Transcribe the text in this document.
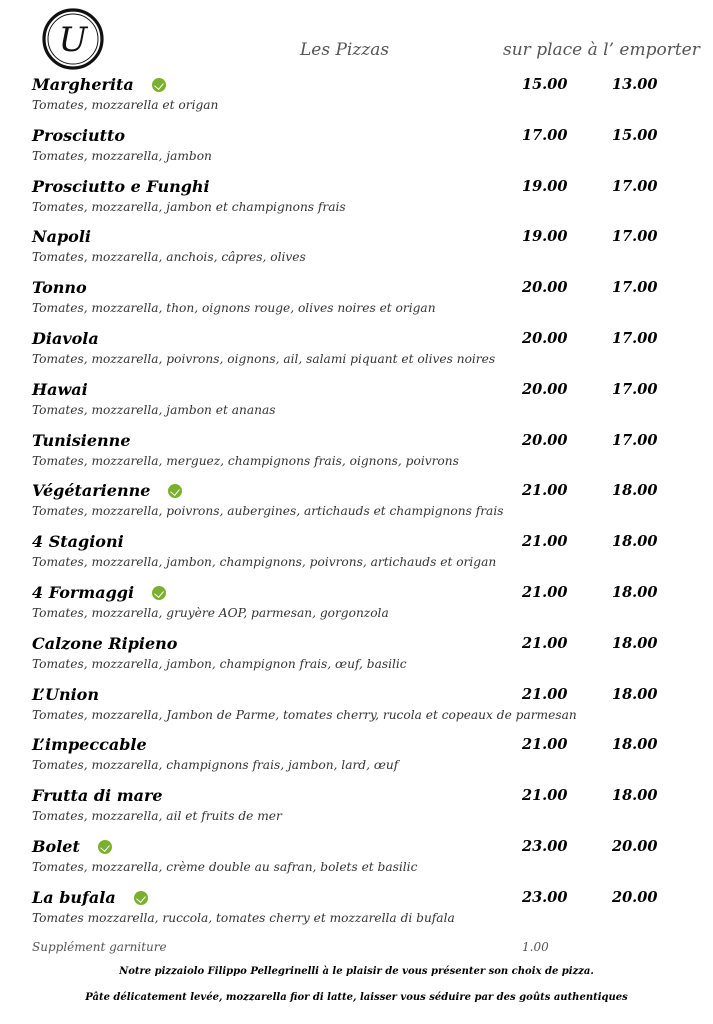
U	Les Pizzas	sur place à l’ emporter
Margherita
Tomates, mozzarella et origan
15.00	13.00
Prosciutto
Tomates, mozzarella, jambon
17.00	15.00
Prosciutto e Funghi
Tomates, mozzarella, jambon et champignons frais
19.00	17.00
Napoli
Tomates, mozzarella, anchois, câpres, olives
19.00	17.00
Tonno
Tomates, mozzarella, thon, oignons rouge, olives noires et origan
20.00	17.00
Diavola
Tomates, mozzarella, poivrons, oignons, ail, salami piquant et olives noires
20.00	17.00
Hawai
Tomates, mozzarella, jambon et ananas
20.00	17.00
Tunisienne
Tomates, mozzarella, merguez, champignons frais, oignons, poivrons
20.00	17.00
Végétarienne
Tomates, mozzarella, poivrons, aubergines, artichauds et champignons frais
21.00	18.00
4 Stagioni
Tomates, mozzarella, jambon, champignons, poivrons, artichauds et origan
21.00	18.00
4 Formaggi
Tomates, mozzarella, gruyère AOP, parmesan, gorgonzola
21.00	18.00
Calzone Ripieno
Tomates, mozzarella, jambon, champignon frais, œuf, basilic
21.00	18.00
L’Union
Tomates, mozzarella, Jambon de Parme, tomates cherry, rucola et copeaux de parmesan
21.00	18.00
L’impeccable
Tomates, mozzarella, champignons frais, jambon, lard, œuf
21.00	18.00
Frutta di mare
Tomates, mozzarella, ail et fruits de mer
21.00	18.00
Bolet
Tomates, mozzarella, crème double au safran, bolets et basilic
23.00	20.00
La bufala
Tomates mozzarella, ruccola, tomates cherry et mozzarella di bufala
23.00	20.00
Supplément garniture	1.00
Notre pizzaiolo Filippo Pellegrinelli à le plaisir de vous présenter son choix de pizza.
Pâte délicatement levée, mozzarella fior di latte, laisser vous séduire par des goûts authentiques
